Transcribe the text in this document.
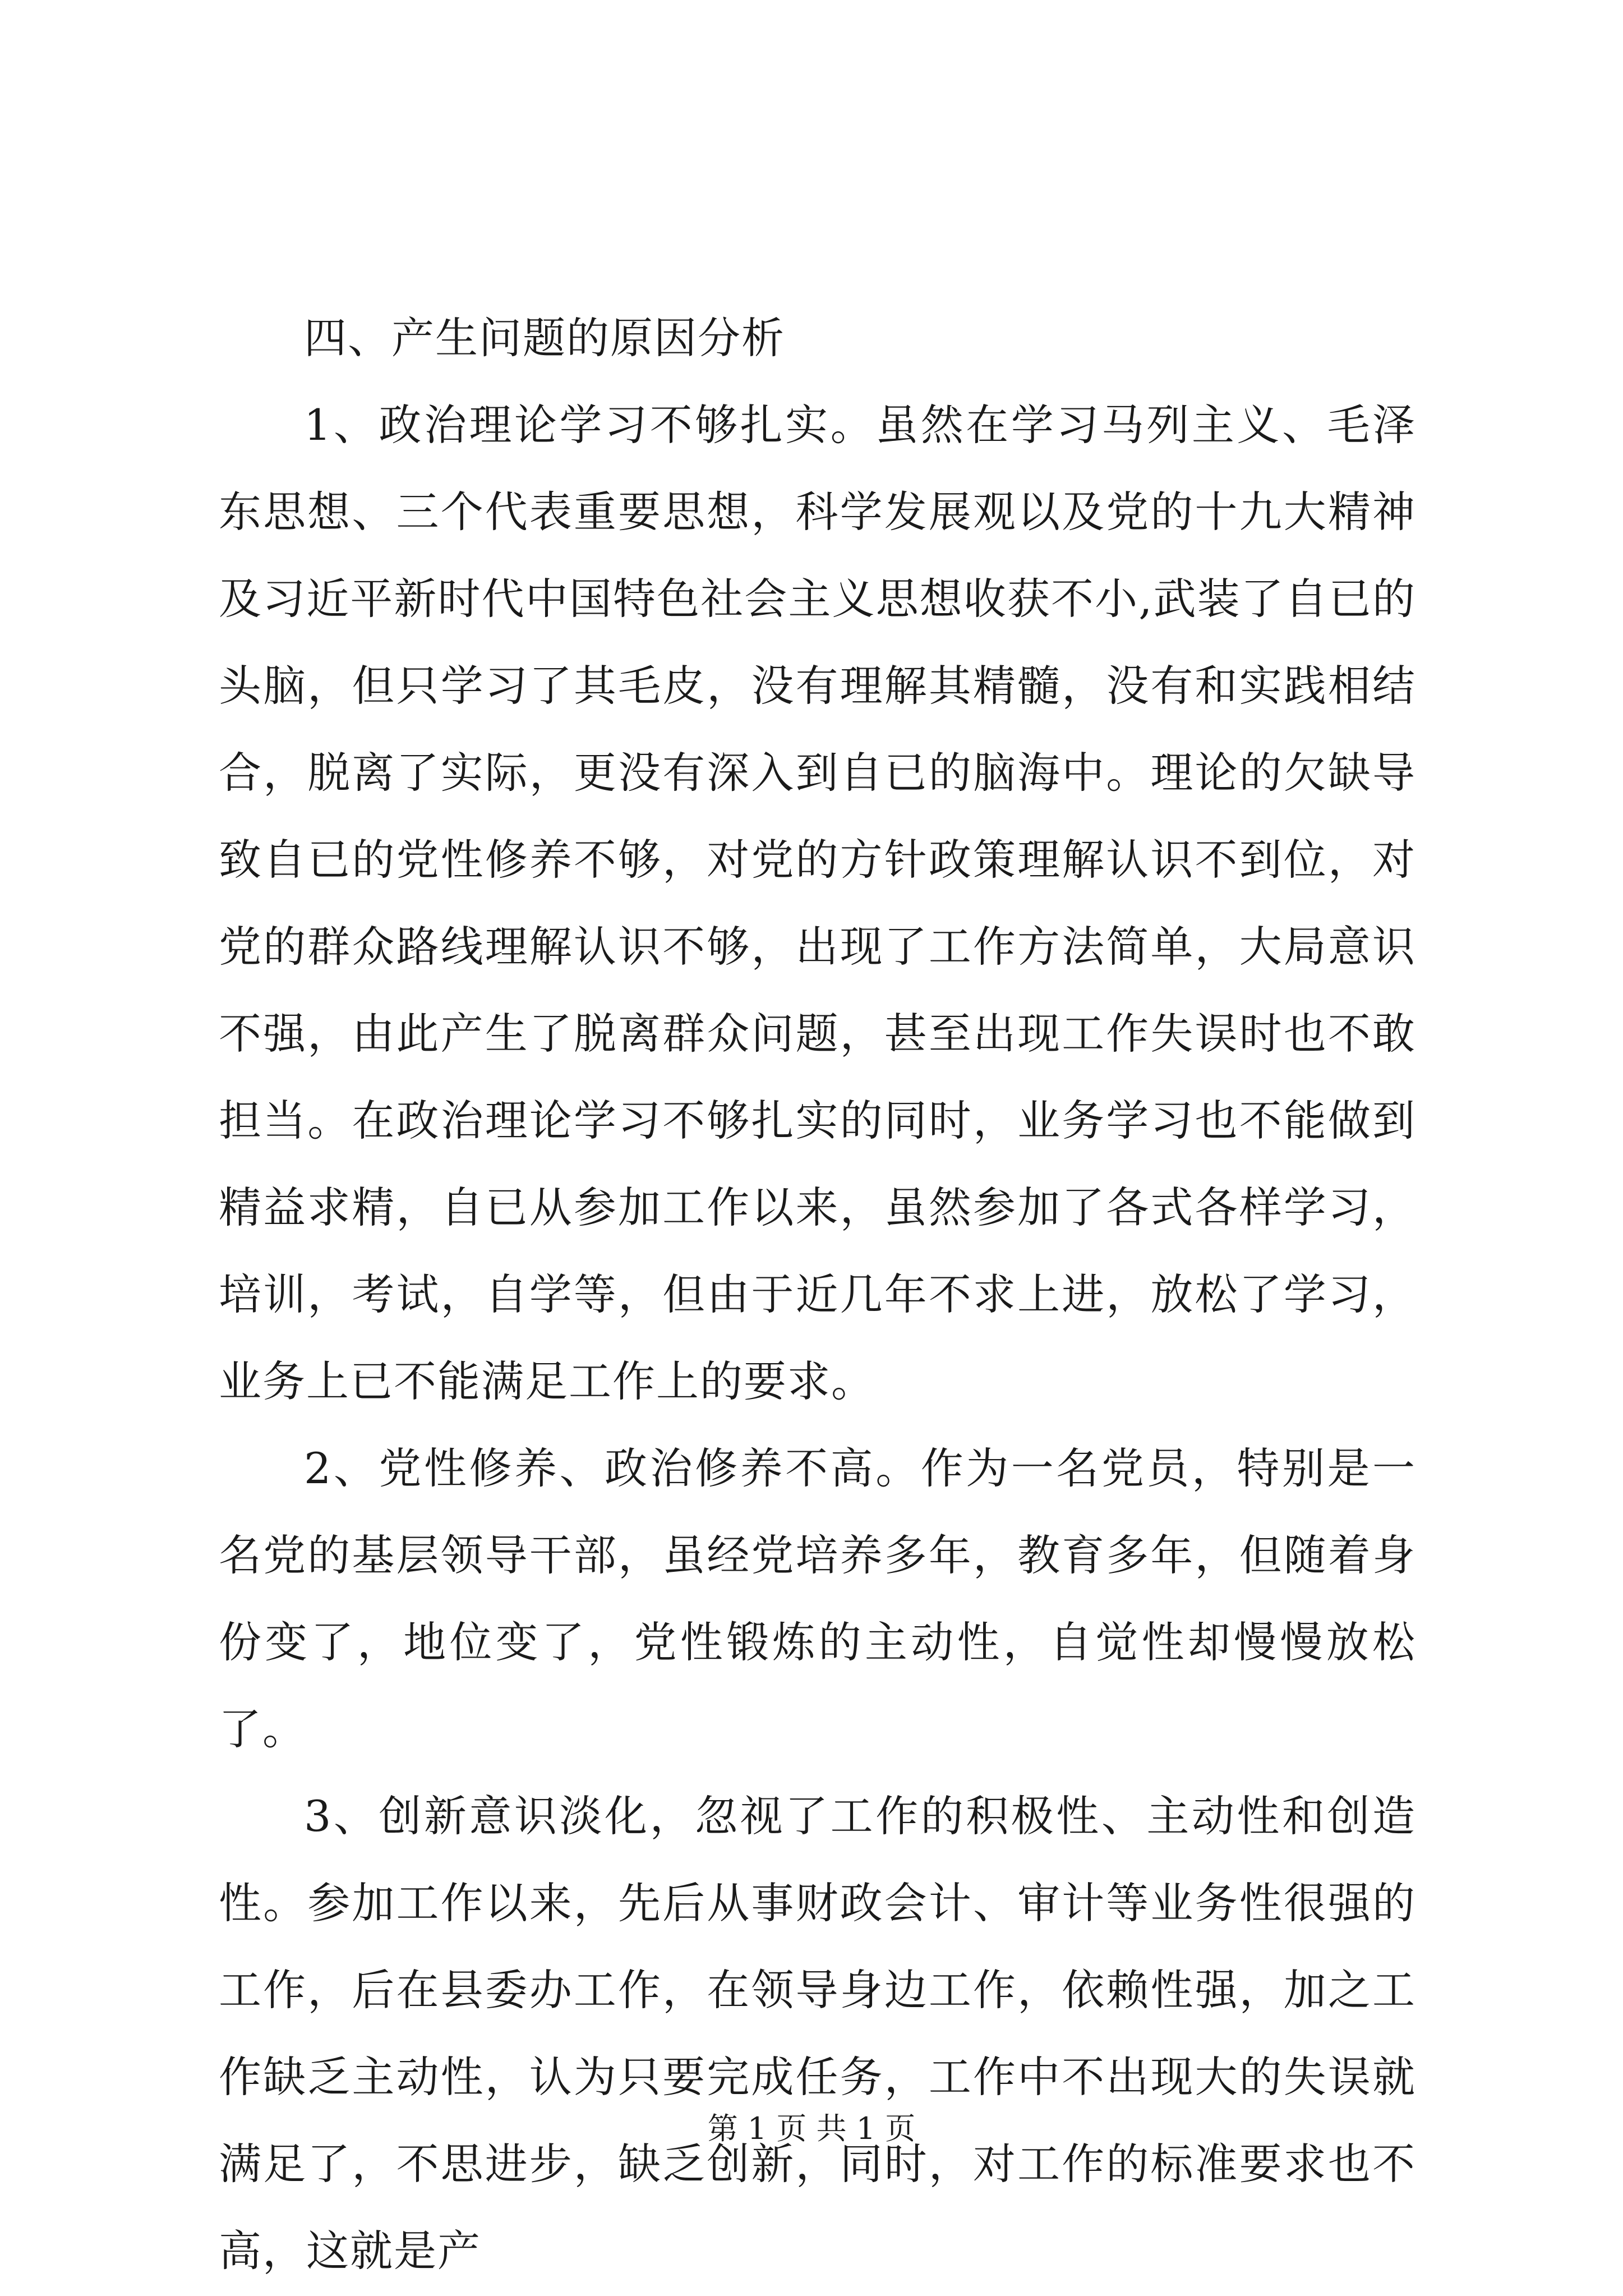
四、产生问题的原因分析

1、政治理论学习不够扎实。虽然在学习马列主义、毛泽东思想、三个代表重要思想，科学发展观以及党的十九大精神及习近平新时代中国特色社会主义思想收获不小,武装了自已的头脑，但只学习了其毛皮，没有理解其精髓，没有和实践相结合，脱离了实际，更没有深入到自已的脑海中。理论的欠缺导致自已的党性修养不够，对党的方针政策理解认识不到位，对党的群众路线理解认识不够，出现了工作方法简单，大局意识不强，由此产生了脱离群众问题，甚至出现工作失误时也不敢担当。在政治理论学习不够扎实的同时，业务学习也不能做到精益求精，自已从参加工作以来，虽然参加了各式各样学习，培训，考试，自学等，但由于近几年不求上进，放松了学习，业务上已不能满足工作上的要求。

2、党性修养、政治修养不高。作为一名党员，特别是一名党的基层领导干部，虽经党培养多年，教育多年，但随着身份变了，地位变了，党性锻炼的主动性，自觉性却慢慢放松了。

3、创新意识淡化，忽视了工作的积极性、主动性和创造性。参加工作以来，先后从事财政会计、审计等业务性很强的工作，后在县委办工作，在领导身边工作，依赖性强，加之工作缺乏主动性，认为只要完成任务，工作中不出现大的失误就满足了，不思进步，缺乏创新，同时，对工作的标准要求也不高，这就是产

第 1 页 共 1 页
